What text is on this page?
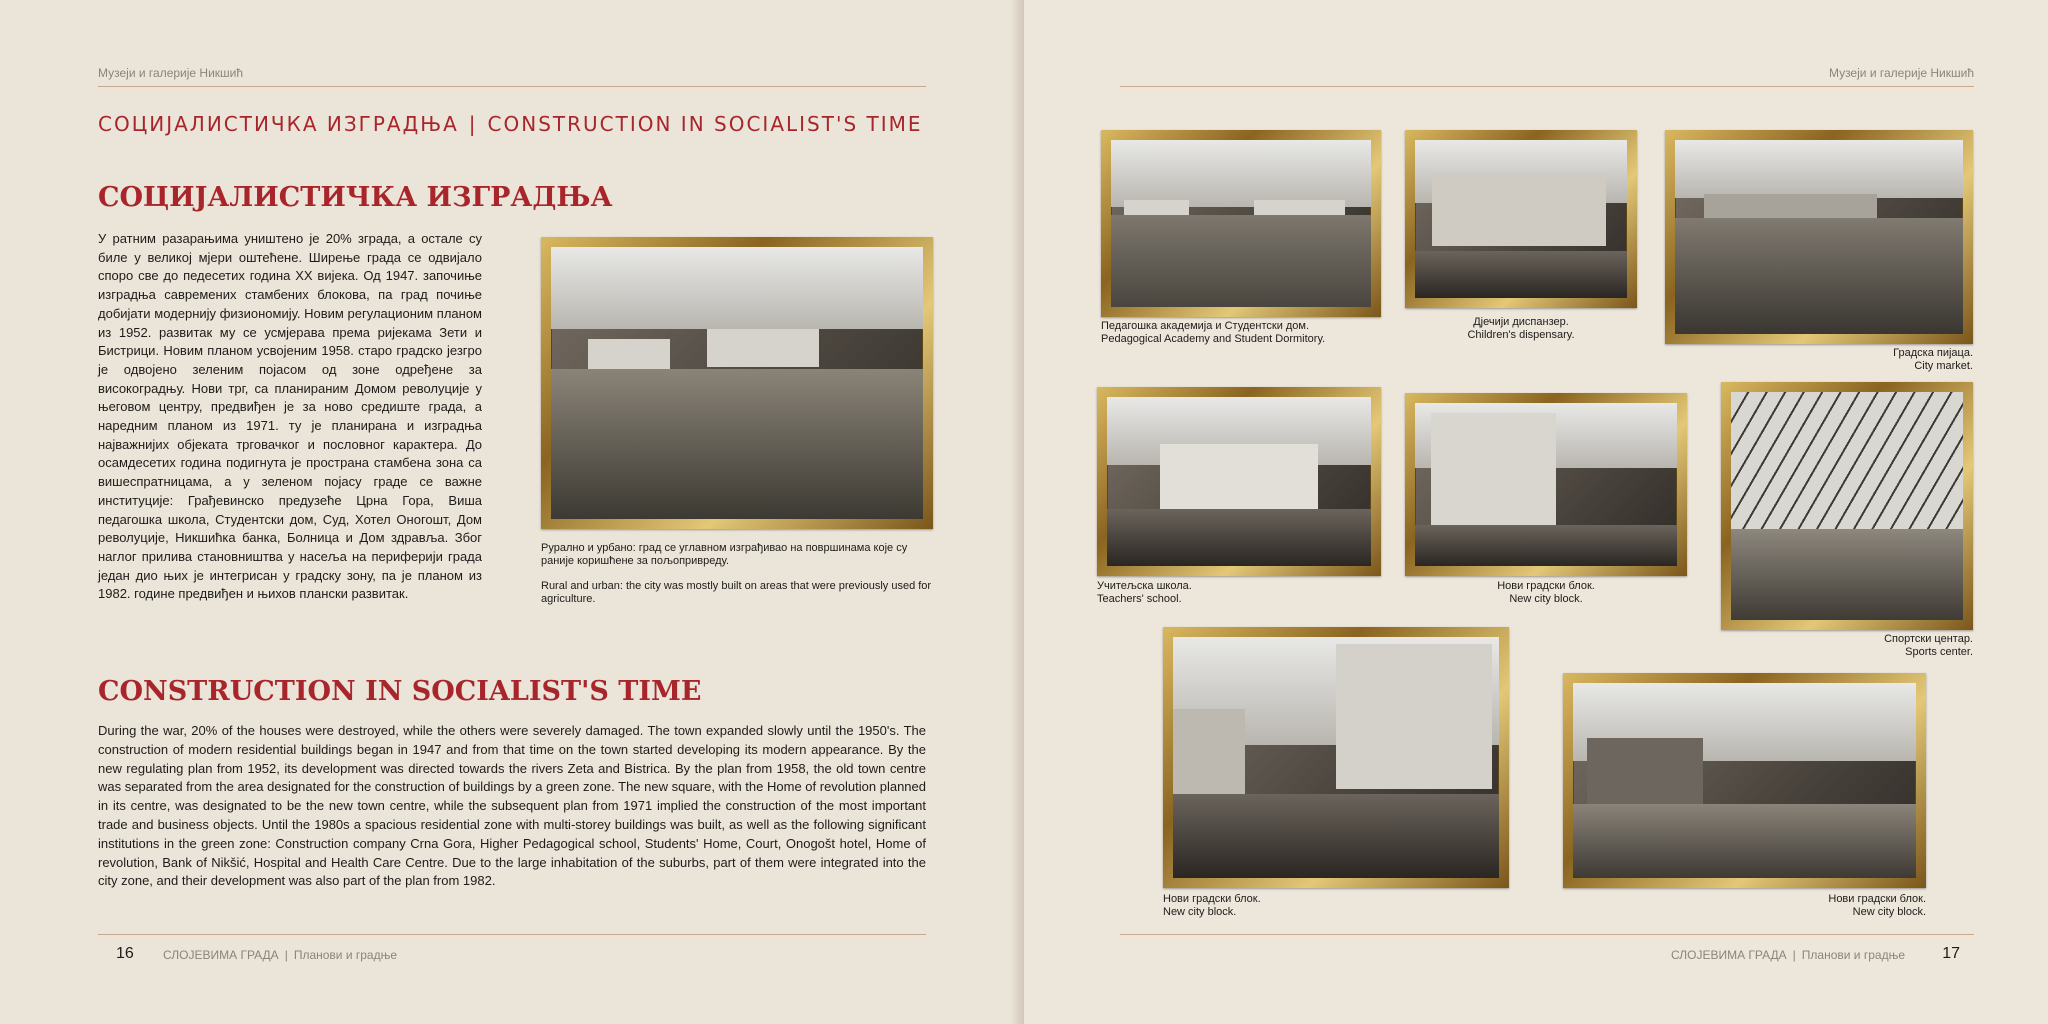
Музеји и галерије Никшић
СОЦИЈАЛИСТИЧКА ИЗГРАДЊА | CONSTRUCTION IN SOCIALIST'S TIME
СОЦИЈАЛИСТИЧКА ИЗГРАДЊА
У ратним разарањима уништено је 20% зграда, а остале су биле у великој мјери оштећене. Ширење града се одвијало споро све до педесетих година XX вијека. Од 1947. започиње изградња савремених стамбених блокова, па град почиње добијати модернију физиономију. Новим регулационим планом из 1952. развитак му се усмјерава према ријекама Зети и Бистрици. Новим планом усвојеним 1958. старо градско језгро је одвојено зеленим појасом од зоне одређене за високоградњу. Нови трг, са планираним Домом револуције у његовом центру, предвиђен је за ново средиште града, а наредним планом из 1971. ту је планирана и изградња најважнијих објеката трговачког и пословног карактера. До осамдесетих година подигнута је пространа стамбена зона са вишеспратницама, а у зеленом појасу граде се важне институције: Грађевинско предузеће Црна Гора, Виша педагошка школа, Студентски дом, Суд, Хотел Оногошт, Дом револуције, Никшићка банка, Болница и Дом здравља. Због наглог прилива становништва у насеља на периферији града један дио њих је интегрисан у градску зону, па је планом из 1982. године предвиђен и њихов плански развитак.

Рурално и урбано: град се углавном изграђивао на површинама које су раније коришћене за пољопривреду.

Rural and urban: the city was mostly built on areas that were previously used for agriculture.

CONSTRUCTION IN SOCIALIST'S TIME
During the war, 20% of the houses were destroyed, while the others were severely damaged. The town expanded slowly until the 1950's. The construction of modern residential buildings began in 1947 and from that time on the town started developing its modern appearance. By the new regulating plan from 1952, its development was directed towards the rivers Zeta and Bistrica. By the plan from 1958, the old town centre was separated from the area designated for the construction of buildings by a green zone. The new square, with the Home of revolution planned in its centre, was designated to be the new town centre, while the subsequent plan from 1971 implied the construction of the most important trade and business objects. Until the 1980s a spacious residential zone with multi-storey buildings was built, as well as the following significant institutions in the green zone: Construction company Crna Gora, Higher Pedagogical school, Students' Home, Court, Onogošt hotel, Home of revolution, Bank of Nikšić, Hospital and Health Care Centre. Due to the large inhabitation of the suburbs, part of them were integrated into the city zone, and their development was also part of the plan from 1982.
16 СЛОЈЕВИМА ГРАДА | Планови и градње
Музеји и галерије Никшић

Педагошка академија и Студентски дом.

Pedagogical Academy and Student Dormitory.

Дјечији диспанзер.

Children's dispensary.

Градска пијаца.

City market.

Учитељска школа.

Teachers' school.

Нови градски блок.

New city block.

Спортски центар.

Sports center.

Нови градски блок.

New city block.

Нови градски блок.

New city block.

СЛОЈЕВИМА ГРАДА | Планови и градње 17
